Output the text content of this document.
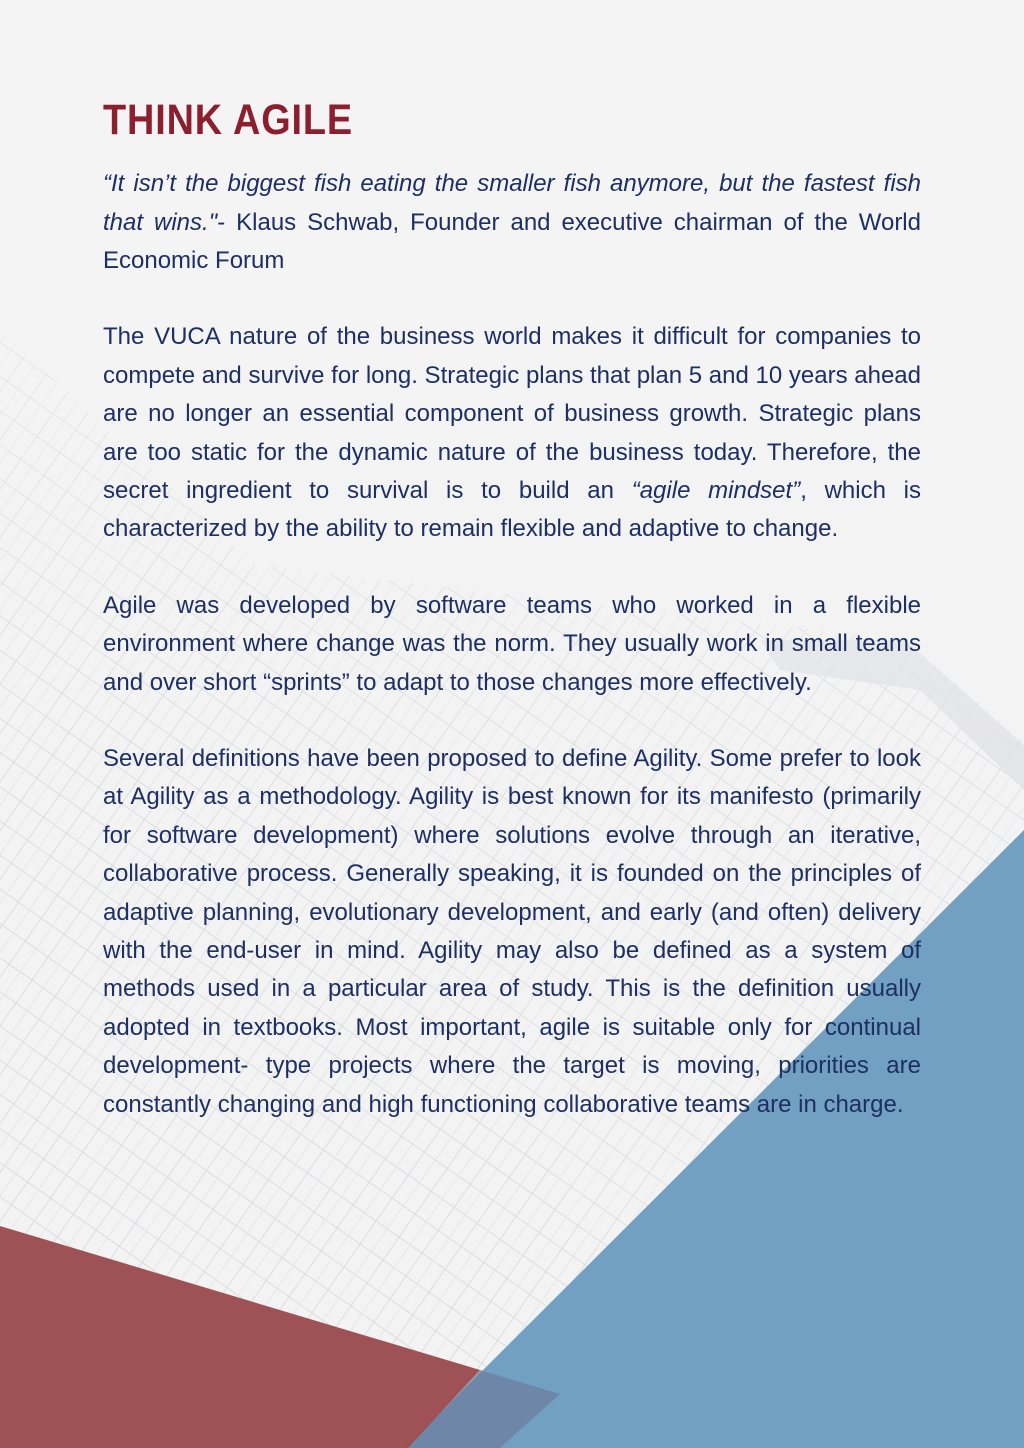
THINK AGILE

“It isn’t the biggest fish eating the smaller fish anymore, but the fastest fish that wins."- Klaus Schwab, Founder and executive chairman of the World Economic Forum

The VUCA nature of the business world makes it difficult for companies to compete and survive for long. Strategic plans that plan 5 and 10 years ahead are no longer an essential component of business growth. Strategic plans are too static for the dynamic nature of the business today. Therefore, the secret ingredient to survival is to build an “agile mindset”, which is characterized by the ability to remain flexible and adaptive to change.

Agile was developed by software teams who worked in a flexible environment where change was the norm. They usually work in small teams and over short “sprints” to adapt to those changes more effectively.

Several definitions have been proposed to define Agility. Some prefer to look at Agility as a methodology. Agility is best known for its manifesto (primarily for software development) where solutions evolve through an iterative, collaborative process. Generally speaking, it is founded on the principles of adaptive planning, evolutionary development, and early (and often) delivery with the end-user in mind. Agility may also be defined as a system of methods used in a particular area of study. This is the definition usually adopted in textbooks. Most important, agile is suitable only for continual development- type projects where the target is moving, priorities are constantly changing and high functioning collaborative teams are in charge.
